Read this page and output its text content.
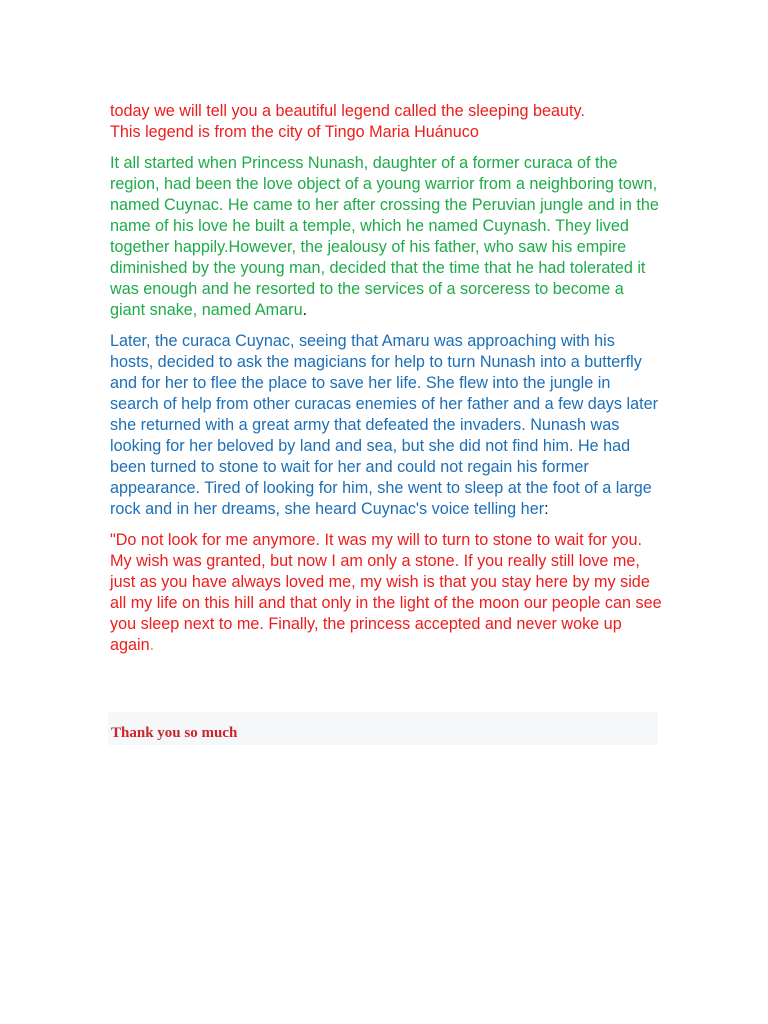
today we will tell you a beautiful legend called the sleeping beauty.
This legend is from the city of Tingo Maria Huánuco

It all started when Princess Nunash, daughter of a former curaca of the region, had been the love object of a young warrior from a neighboring town, named Cuynac. He came to her after crossing the Peruvian jungle and in the name of his love he built a temple, which he named Cuynash. They lived together happily.However, the jealousy of his father, who saw his empire diminished by the young man, decided that the time that he had tolerated it was enough and he resorted to the services of a sorceress to become a giant snake, named Amaru.

Later, the curaca Cuynac, seeing that Amaru was approaching with his hosts, decided to ask the magicians for help to turn Nunash into a butterfly and for her to flee the place to save her life. She flew into the jungle in search of help from other curacas enemies of her father and a few days later she returned with a great army that defeated the invaders. Nunash was looking for her beloved by land and sea, but she did not find him. He had been turned to stone to wait for her and could not regain his former appearance. Tired of looking for him, she went to sleep at the foot of a large rock and in her dreams, she heard Cuynac's voice telling her:

"Do not look for me anymore. It was my will to turn to stone to wait for you. My wish was granted, but now I am only a stone. If you really still love me, just as you have always loved me, my wish is that you stay here by my side all my life on this hill and that only in the light of the moon our people can see you sleep next to me. Finally, the princess accepted and never woke up again.

Thank you so much
